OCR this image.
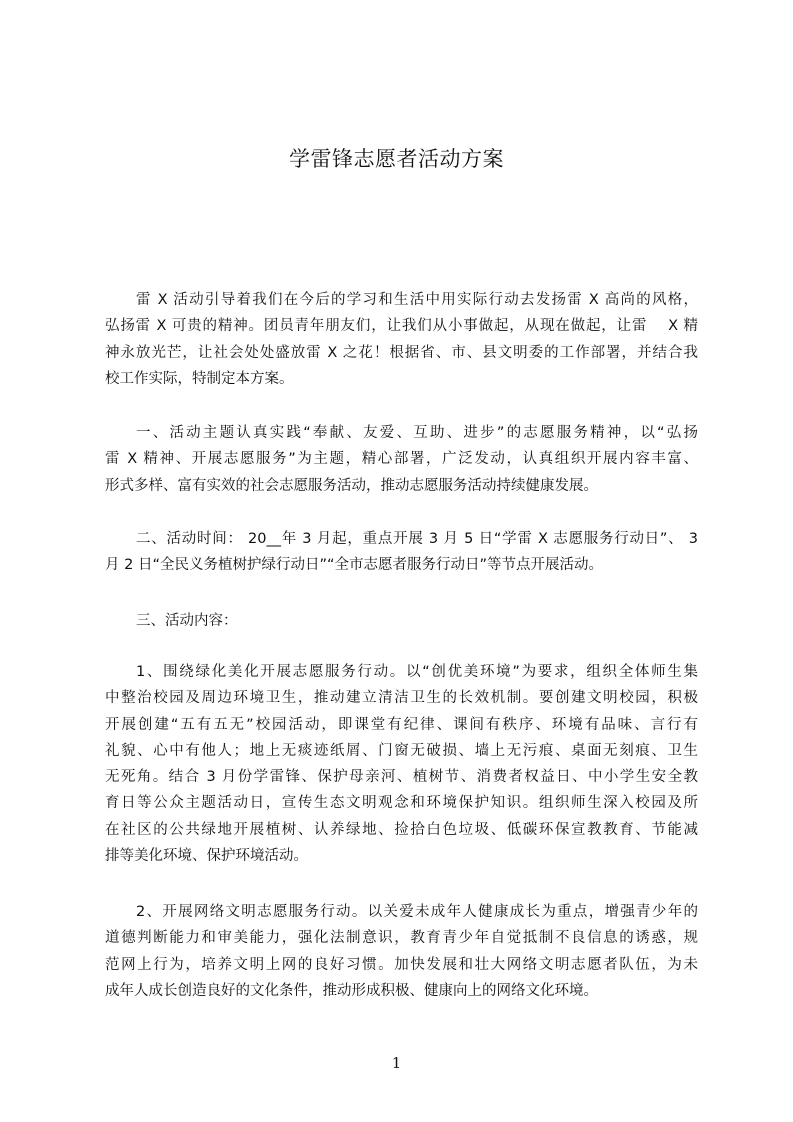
学雷锋志愿者活动方案
雷 X 活动引导着我们在今后的学习和生活中用实际行动去发扬雷 X 高尚的风格，
弘扬雷 X 可贵的精神。团员青年朋友们，让我们从小事做起，从现在做起，让雷　 X 精
神永放光芒，让社会处处盛放雷 X 之花！根据省、市、县文明委的工作部署，并结合我
校工作实际，特制定本方案。
一、活动主题认真实践“奉献、友爱、互助、进步”的志愿服务精神，以“弘扬
雷 X 精神、开展志愿服务”为主题，精心部署，广泛发动，认真组织开展内容丰富、
形式多样、富有实效的社会志愿服务活动，推动志愿服务活动持续健康发展。
二、活动时间： 20__年 3 月起，重点开展 3 月 5 日“学雷 X 志愿服务行动日”、 3
月 2 日“全民义务植树护绿行动日”“全市志愿者服务行动日”等节点开展活动。
三、活动内容：
1、围绕绿化美化开展志愿服务行动。以“创优美环境”为要求，组织全体师生集
中整治校园及周边环境卫生，推动建立清洁卫生的长效机制。要创建文明校园，积极
开展创建“五有五无”校园活动，即课堂有纪律、课间有秩序、环境有品味、言行有
礼貌、心中有他人；地上无痰迹纸屑、门窗无破损、墙上无污痕、桌面无刻痕、卫生
无死角。结合 3 月份学雷锋、保护母亲河、植树节、消费者权益日、中小学生安全教
育日等公众主题活动日，宣传生态文明观念和环境保护知识。组织师生深入校园及所
在社区的公共绿地开展植树、认养绿地、捡拾白色垃圾、低碳环保宣教教育、节能减
排等美化环境、保护环境活动。
2、开展网络文明志愿服务行动。以关爱未成年人健康成长为重点，增强青少年的
道德判断能力和审美能力，强化法制意识，教育青少年自觉抵制不良信息的诱惑，规
范网上行为，培养文明上网的良好习惯。加快发展和壮大网络文明志愿者队伍，为未
成年人成长创造良好的文化条件，推动形成积极、健康向上的网络文化环境。
1
